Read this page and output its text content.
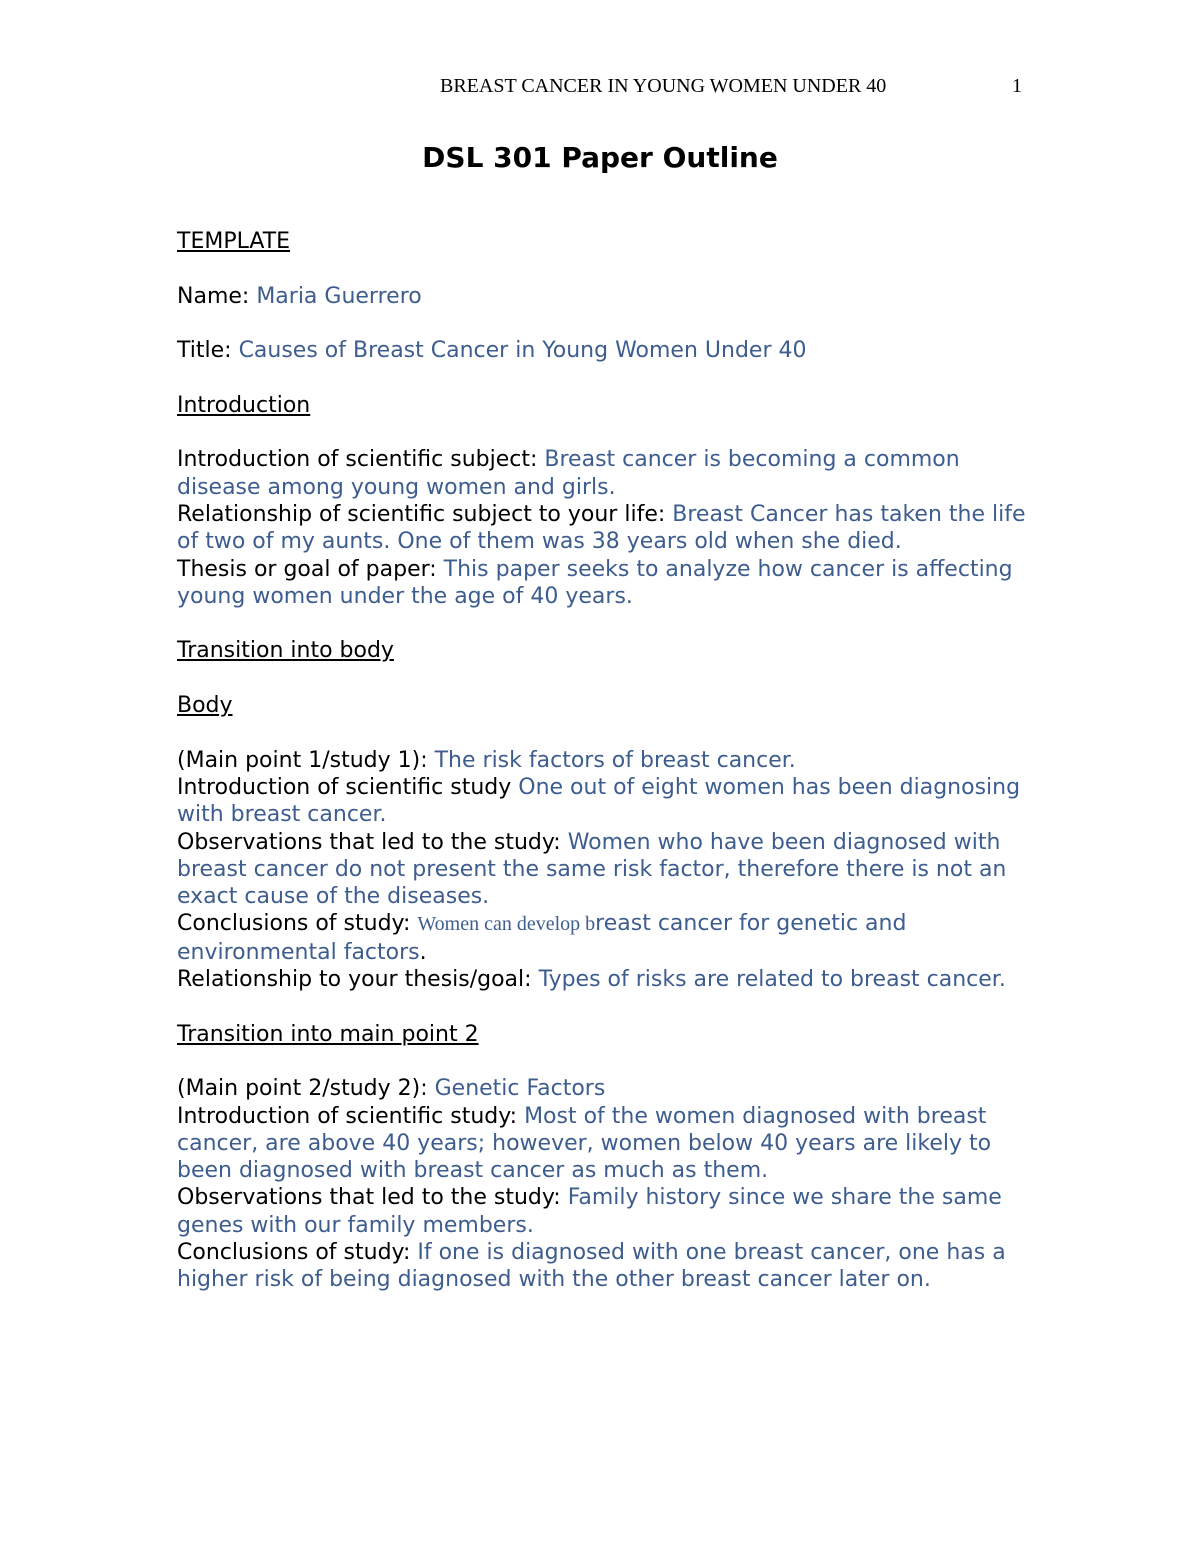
BREAST CANCER IN YOUNG WOMEN UNDER 40	1
DSL 301 Paper Outline

TEMPLATE

Name: Maria Guerrero

Title: Causes of Breast Cancer in Young Women Under 40

Introduction

Introduction of scientific subject: Breast cancer is becoming a common disease among young women and girls.

Relationship of scientific subject to your life: Breast Cancer has taken the life of two of my aunts. One of them was 38 years old when she died.

Thesis or goal of paper: This paper seeks to analyze how cancer is affecting young women under the age of 40 years.

Transition into body

Body

(Main point 1/study 1): The risk factors of breast cancer.

Introduction of scientific study One out of eight women has been diagnosing with breast cancer.

Observations that led to the study: Women who have been diagnosed with breast cancer do not present the same risk factor, therefore there is not an exact cause of the diseases.

Conclusions of study: Women can develop breast cancer for genetic and environmental factors.

Relationship to your thesis/goal: Types of risks are related to breast cancer.

Transition into main point 2

(Main point 2/study 2): Genetic Factors

Introduction of scientific study: Most of the women diagnosed with breast cancer, are above 40 years; however, women below 40 years are likely to been diagnosed with breast cancer as much as them.

Observations that led to the study: Family history since we share the same genes with our family members.

Conclusions of study: If one is diagnosed with one breast cancer, one has a higher risk of being diagnosed with the other breast cancer later on.
